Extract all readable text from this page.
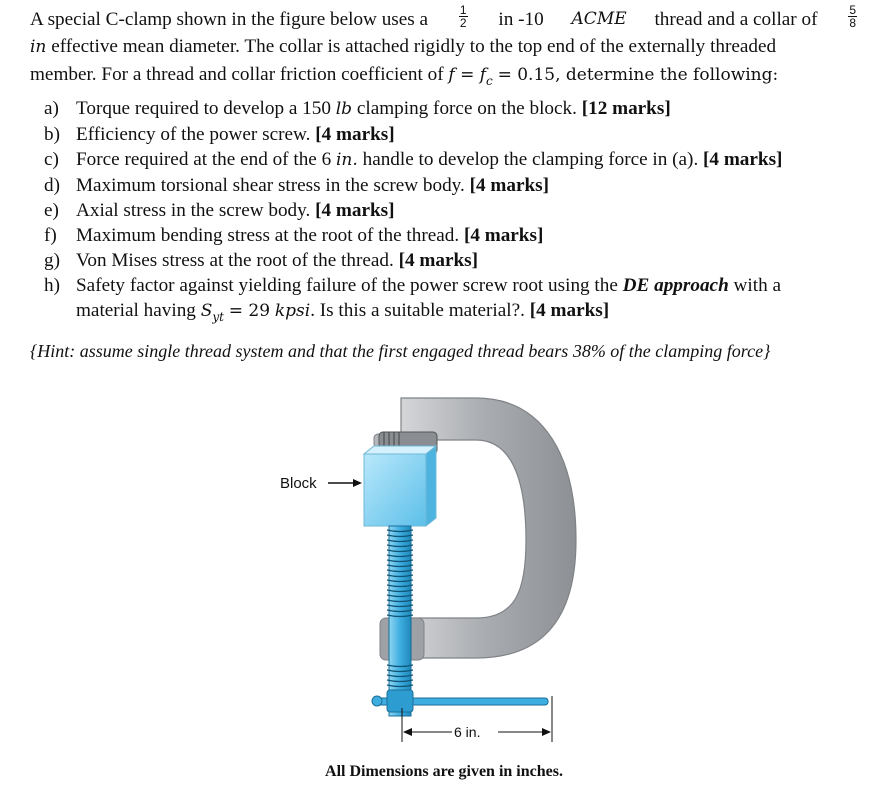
A special C-clamp shown in the figure below uses a	$\frac{1}{2}$ in -10 ACME thread and a collar of	$\frac{5}{8}$
in effective mean diameter. The collar is attached rigidly to the top end of the externally threaded
member. For a thread and collar friction coefficient of $f = f_c = 0.15$, determine the following:
a) Torque required to develop a 150 lb clamping force on the block. [12 marks]
b) Efficiency of the power screw. [4 marks]
c) Force required at the end of the 6 in. handle to develop the clamping force in (a). [4 marks]
d) Maximum torsional shear stress in the screw body. [4 marks]
e) Axial stress in the screw body. [4 marks]
f)	Maximum bending stress at the root of the thread. [4 marks]
g) Von Mises stress at the root of the thread. [4 marks]
h) Safety factor against yielding failure of the power screw root using the DE approach with a
material having $S_{yt} = 29$ kpsi. Is this a suitable material?. [4 marks]
{Hint: assume single thread system and that the first engaged thread bears 38% of the clamping force}
Block
6 in.
All Dimensions are given in inches.
